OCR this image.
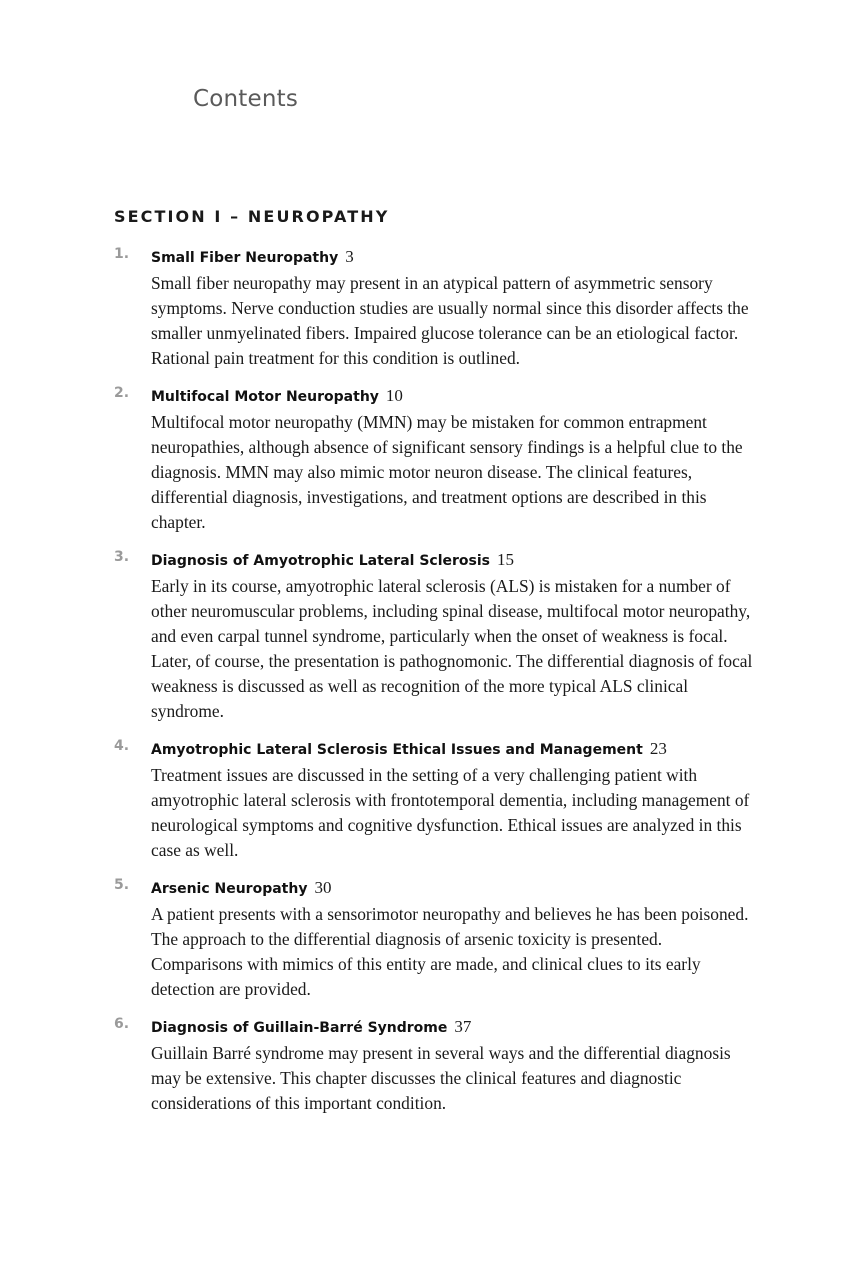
Contents
SECTION I – NEUROPATHY
1. Small Fiber Neuropathy 3

Small fiber neuropathy may present in an atypical pattern of asymmetric sensory symptoms. Nerve conduction studies are usually normal since this disorder affects the smaller unmyelinated fibers. Impaired glucose tolerance can be an etiological factor. Rational pain treatment for this condition is outlined.

2. Multifocal Motor Neuropathy 10

Multifocal motor neuropathy (MMN) may be mistaken for common entrapment neuropathies, although absence of significant sensory findings is a helpful clue to the diagnosis. MMN may also mimic motor neuron disease. The clinical features, differential diagnosis, investigations, and treatment options are described in this chapter.

3. Diagnosis of Amyotrophic Lateral Sclerosis 15

Early in its course, amyotrophic lateral sclerosis (ALS) is mistaken for a number of other neuromuscular problems, including spinal disease, multifocal motor neuropathy, and even carpal tunnel syndrome, particularly when the onset of weakness is focal. Later, of course, the presentation is pathognomonic. The differential diagnosis of focal weakness is discussed as well as recognition of the more typical ALS clinical syndrome.

4. Amyotrophic Lateral Sclerosis Ethical Issues and Management 23

Treatment issues are discussed in the setting of a very challenging patient with amyotrophic lateral sclerosis with frontotemporal dementia, including management of neurological symptoms and cognitive dysfunction. Ethical issues are analyzed in this case as well.

5. Arsenic Neuropathy 30

A patient presents with a sensorimotor neuropathy and believes he has been poisoned. The approach to the differential diagnosis of arsenic toxicity is presented. Comparisons with mimics of this entity are made, and clinical clues to its early detection are provided.

6. Diagnosis of Guillain-Barré Syndrome 37

Guillain Barré syndrome may present in several ways and the differential diagnosis may be extensive. This chapter discusses the clinical features and diagnostic considerations of this important condition.
